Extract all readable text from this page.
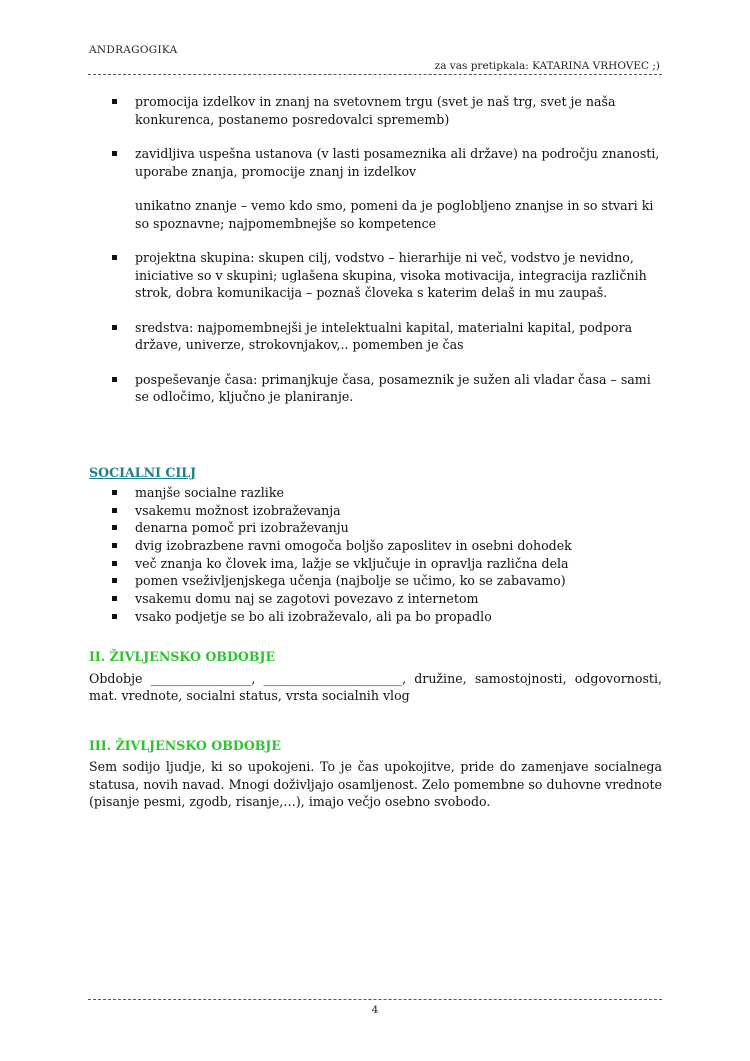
ANDRAGOGIKA
za vas pretipkala: KATARINA VRHOVEC ;)
promocija izdelkov in znanj na svetovnem trgu (svet je naš trg, svet je naša konkurenca, postanemo posredovalci sprememb)
zavidljiva uspešna ustanova (v lasti posameznika ali države) na področju znanosti, uporabe znanja, promocije znanj in izdelkov

unikatno znanje – vemo kdo smo, pomeni da je poglobljeno znanjse in so stvari ki so spoznavne; najpomembnejše so kompetence

projektna skupina: skupen cilj, vodstvo – hierarhije ni več, vodstvo je nevidno, iniciative so v skupini; uglašena skupina, visoka motivacija, integracija različnih strok, dobra komunikacija – poznaš človeka s katerim delaš in mu zaupaš.
sredstva: najpomembnejši je intelektualni kapital, materialni kapital, podpora države, univerze, strokovnjakov,.. pomemben je čas
pospeševanje časa: primanjkuje časa, posameznik je sužen ali vladar časa – sami se odločimo, ključno je planiranje.
SOCIALNI CILJ
manjše socialne razlike
vsakemu možnost izobraževanja
denarna pomoč pri izobraževanju
dvig izobrazbene ravni omogoča boljšo zaposlitev in osebni dohodek
več znanja ko človek ima, lažje se vključuje in opravlja različna dela
pomen vseživljenjskega učenja (najbolje se učimo, ko se zabavamo)
vsakemu domu naj se zagotovi povezavo z internetom
vsako podjetje se bo ali izobraževalo, ali pa bo propadlo
II. ŽIVLJENSKO OBDOBJE

Obdobje ________________, ______________________, družine, samostojnosti, odgovornosti, mat. vrednote, socialni status, vrsta socialnih vlog

III. ŽIVLJENSKO OBDOBJE

Sem sodijo ljudje, ki so upokojeni. To je čas upokojitve, pride do zamenjave socialnega statusa, novih navad. Mnogi doživljajo osamljenost. Zelo pomembne so duhovne vrednote (pisanje pesmi, zgodb, risanje,…), imajo večjo osebno svobodo.

4
